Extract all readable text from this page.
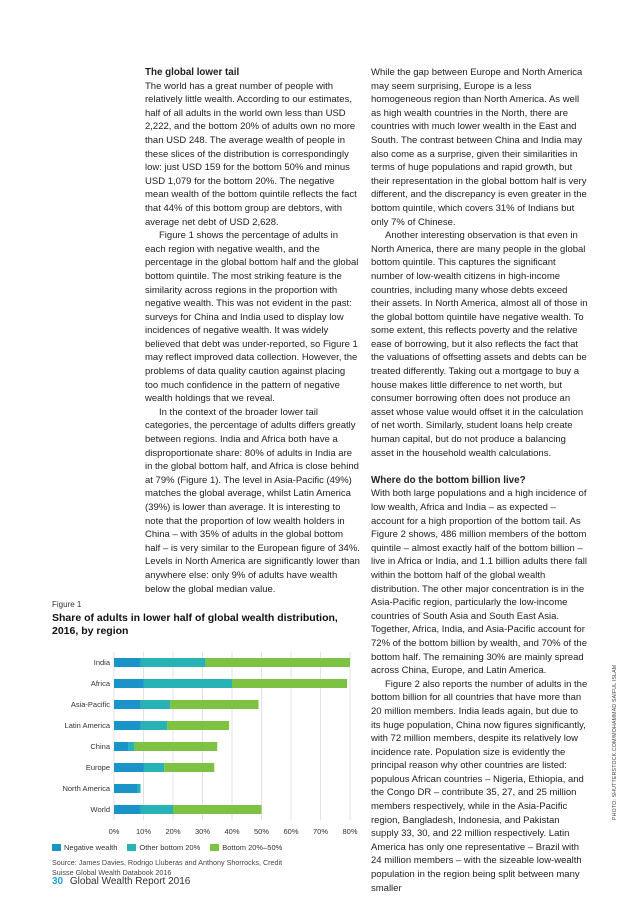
The global lower tail

The world has a great number of people with relatively little wealth. According to our estimates, half of all adults in the world own less than USD 2,222, and the bottom 20% of adults own no more than USD 248. The average wealth of people in these slices of the distribution is correspondingly low: just USD 159 for the bottom 50% and minus USD 1,079 for the bottom 20%. The negative mean wealth of the bottom quintile reflects the fact that 44% of this bottom group are debtors, with average net debt of USD 2,628.

Figure 1 shows the percentage of adults in each region with negative wealth, and the percentage in the global bottom half and the global bottom quintile. The most striking feature is the similarity across regions in the proportion with negative wealth. This was not evident in the past: surveys for China and India used to display low incidences of negative wealth. It was widely believed that debt was under-reported, so Figure 1 may reflect improved data collection. However, the problems of data quality caution against placing too much confidence in the pattern of negative wealth holdings that we reveal.

In the context of the broader lower tail categories, the percentage of adults differs greatly between regions. India and Africa both have a disproportionate share: 80% of adults in India are in the global bottom half, and Africa is close behind at 79% (Figure 1). The level in Asia-Pacific (49%) matches the global average, whilst Latin America (39%) is lower than average. It is interesting to note that the proportion of low wealth holders in China – with 35% of adults in the global bottom half – is very similar to the European figure of 34%. Levels in North America are significantly lower than anywhere else: only 9% of adults have wealth below the global median value.

While the gap between Europe and North America may seem surprising, Europe is a less homogeneous region than North America. As well as high wealth countries in the North, there are countries with much lower wealth in the East and South. The contrast between China and India may also come as a surprise, given their similarities in terms of huge populations and rapid growth, but their representation in the global bottom half is very different, and the discrepancy is even greater in the bottom quintile, which covers 31% of Indians but only 7% of Chinese.

Another interesting observation is that even in North America, there are many people in the global bottom quintile. This captures the significant number of low-wealth citizens in high-income countries, including many whose debts exceed their assets. In North America, almost all of those in the global bottom quintile have negative wealth. To some extent, this reflects poverty and the relative ease of borrowing, but it also reflects the fact that the valuations of offsetting assets and debts can be treated differently. Taking out a mortgage to buy a house makes little difference to net worth, but consumer borrowing often does not produce an asset whose value would offset it in the calculation of net worth. Similarly, student loans help create human capital, but do not produce a balancing asset in the household wealth calculations.

Where do the bottom billion live?

With both large populations and a high incidence of low wealth, Africa and India – as expected – account for a high proportion of the bottom tail. As Figure 2 shows, 486 million members of the bottom quintile – almost exactly half of the bottom billion – live in Africa or India, and 1.1 billion adults there fall within the bottom half of the global wealth distribution. The other major concentration is in the Asia-Pacific region, particularly the low-income countries of South Asia and South East Asia. Together, Africa, India, and Asia-Pacific account for 72% of the bottom billion by wealth, and 70% of the bottom half. The remaining 30% are mainly spread across China, Europe, and Latin America.

Figure 2 also reports the number of adults in the bottom billion for all countries that have more than 20 million members. India leads again, but due to its huge population, China now figures significantly, with 72 million members, despite its relatively low incidence rate. Population size is evidently the principal reason why other countries are listed: populous African countries – Nigeria, Ethiopia, and the Congo DR – contribute 35, 27, and 25 million members respectively, while in the Asia-Pacific region, Bangladesh, Indonesia, and Pakistan supply 33, 30, and 22 million respectively. Latin America has only one representative – Brazil with 24 million members – with the sizeable low-wealth population in the region being split between many smaller

Figure 1
Share of adults in lower half of global wealth distribution, 2016, by region
0% 10% 20% 30% 40% 50% 60% 70% 80%
India
Africa
Asia-Pacific
Latin America
China
Europe
North America
World
Negative wealth	Other bottom 20%	Bottom 20%–50%
Source: James Davies, Rodrigo Lluberas and Anthony Shorrocks, Credit Suisse Global Wealth Databook 2016
30 Global Wealth Report 2016
PHOTO: SHUTTERSTOCK.COM/MOHAMMAD SAIFUL ISLAM
